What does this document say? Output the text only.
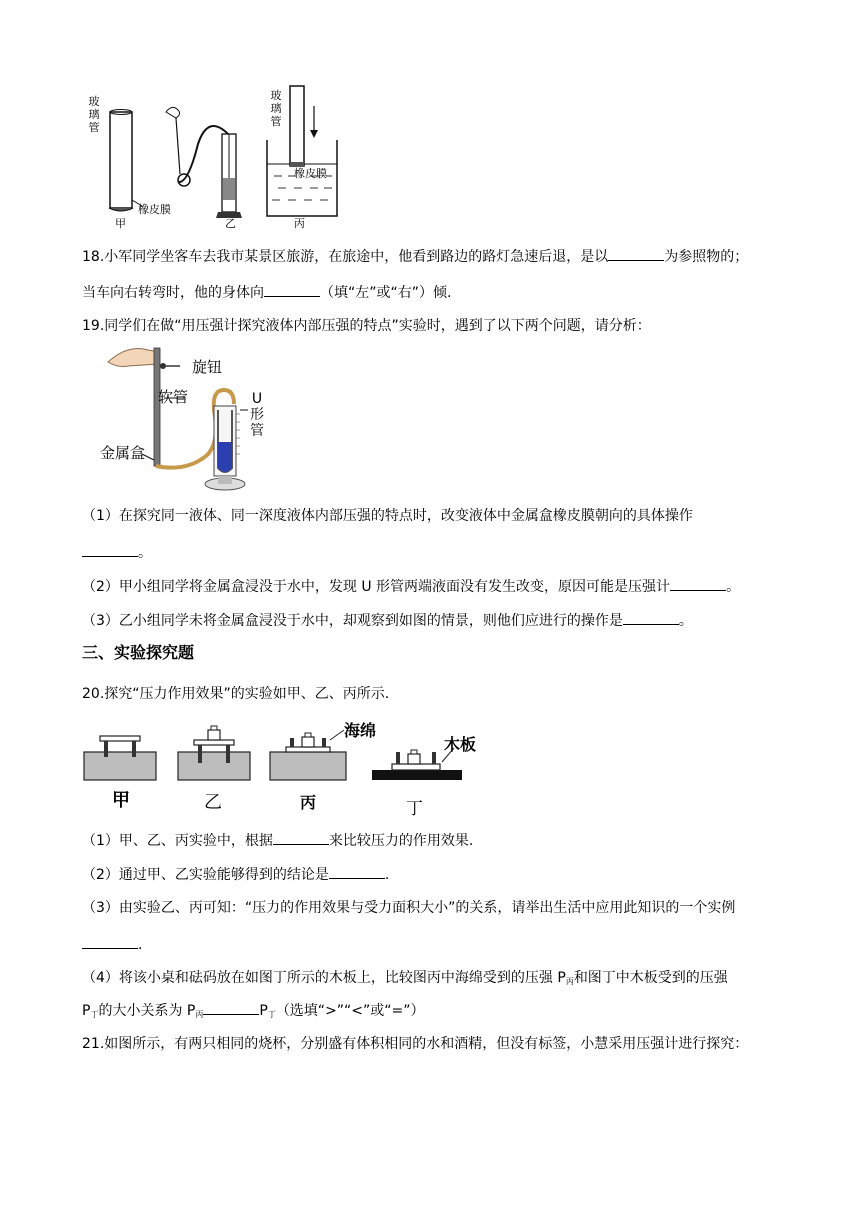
玻
璃
管
橡皮膜
甲	乙
玻
璃
管
橡皮膜
丙
18.小军同学坐客车去我市某景区旅游，在旅途中，他看到路边的路灯急速后退，是以	为参照物的；
当车向右转弯时，他的身体向	（填“左”或“右”）倾.
19.同学们在做“用压强计探究液体内部压强的特点”实验时，遇到了以下两个问题，请分析：
旋钮
软管
金属盒
U
形
管
（1）在探究同一液体、同一深度液体内部压强的特点时，改变液体中金属盒橡皮膜朝向的具体操作
。
（2）甲小组同学将金属盒浸没于水中，发现 U 形管两端液面没有发生改变，原因可能是压强计	。
（3）乙小组同学未将金属盒浸没于水中，却观察到如图的情景，则他们应进行的操作是	。
三、实验探究题
20.探究“压力作用效果”的实验如甲、乙、丙所示.
甲	乙	丙	丁
海绵
木板
（1）甲、乙、丙实验中，根据	来比较压力的作用效果.
（2）通过甲、乙实验能够得到的结论是	.
（3）由实验乙、丙可知：“压力的作用效果与受力面积大小”的关系，请举出生活中应用此知识的一个实例
.
（4）将该小桌和砝码放在如图丁所示的木板上，比较图丙中海绵受到的压强 $P_丙$和图丁中木板受到的压强
$P_丁$的大小关系为 $P_丙$	$P_丁$（选填“>”“<”或“=”）
21.如图所示，有两只相同的烧杯，分别盛有体积相同的水和酒精，但没有标签，小慧采用压强计进行探究：
